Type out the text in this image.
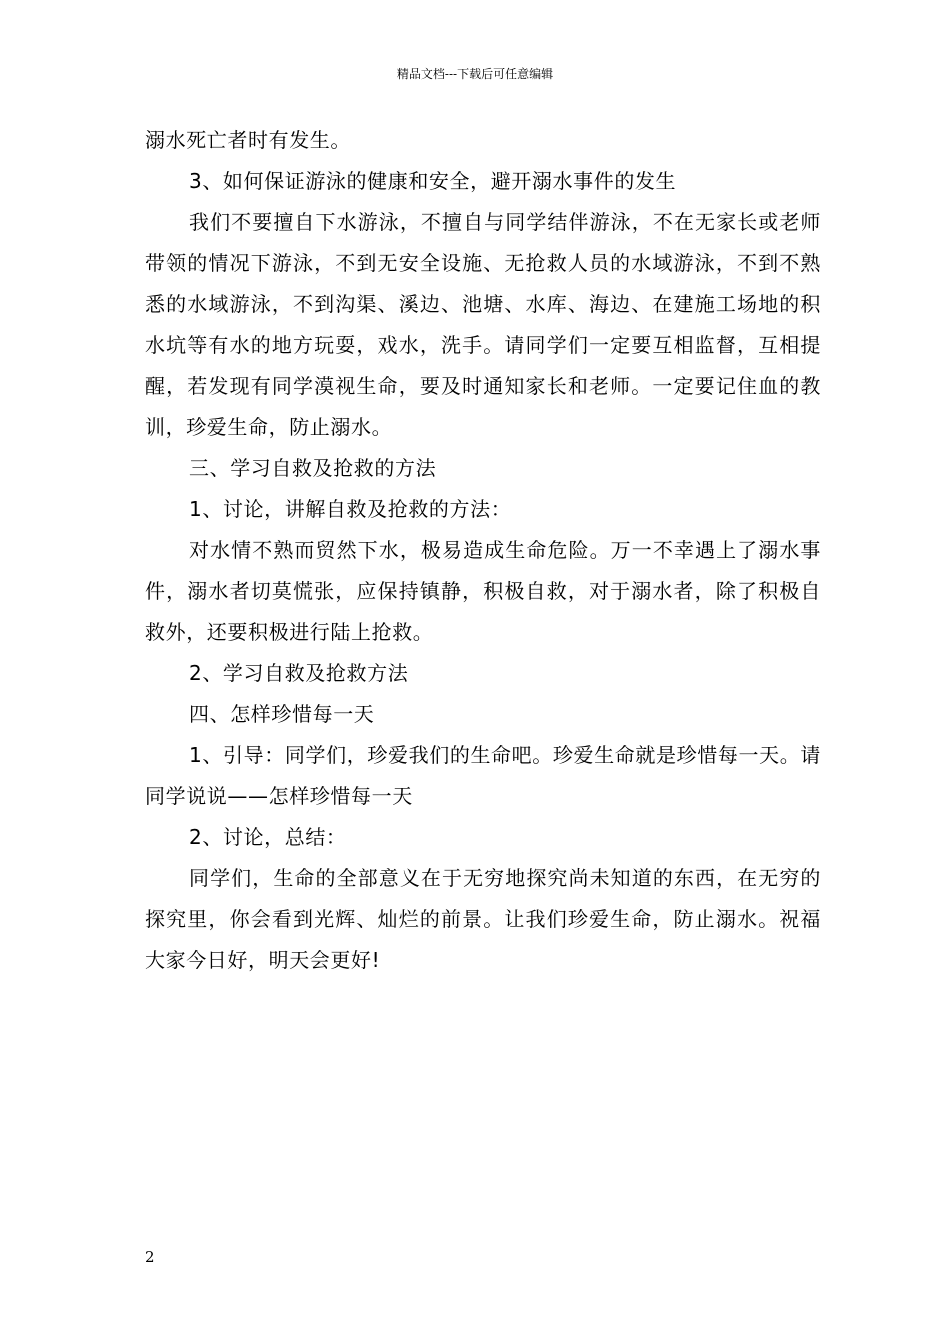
精品文档---下载后可任意编辑

溺水死亡者时有发生。

3、如何保证游泳的健康和安全，避开溺水事件的发生

我们不要擅自下水游泳，不擅自与同学结伴游泳，不在无家长或老师带领的情况下游泳，不到无安全设施、无抢救人员的水域游泳，不到不熟悉的水域游泳，不到沟渠、溪边、池塘、水库、海边、在建施工场地的积水坑等有水的地方玩耍，戏水，洗手。请同学们一定要互相监督，互相提醒，若发现有同学漠视生命，要及时通知家长和老师。一定要记住血的教训，珍爱生命，防止溺水。

三、学习自救及抢救的方法

1、讨论，讲解自救及抢救的方法：

对水情不熟而贸然下水，极易造成生命危险。万一不幸遇上了溺水事件，溺水者切莫慌张，应保持镇静，积极自救，对于溺水者，除了积极自救外，还要积极进行陆上抢救。

2、学习自救及抢救方法

四、怎样珍惜每一天

1、引导：同学们，珍爱我们的生命吧。珍爱生命就是珍惜每一天。请同学说说——怎样珍惜每一天

2、讨论，总结：

同学们，生命的全部意义在于无穷地探究尚未知道的东西，在无穷的探究里，你会看到光辉、灿烂的前景。让我们珍爱生命，防止溺水。祝福大家今日好，明天会更好!

2
